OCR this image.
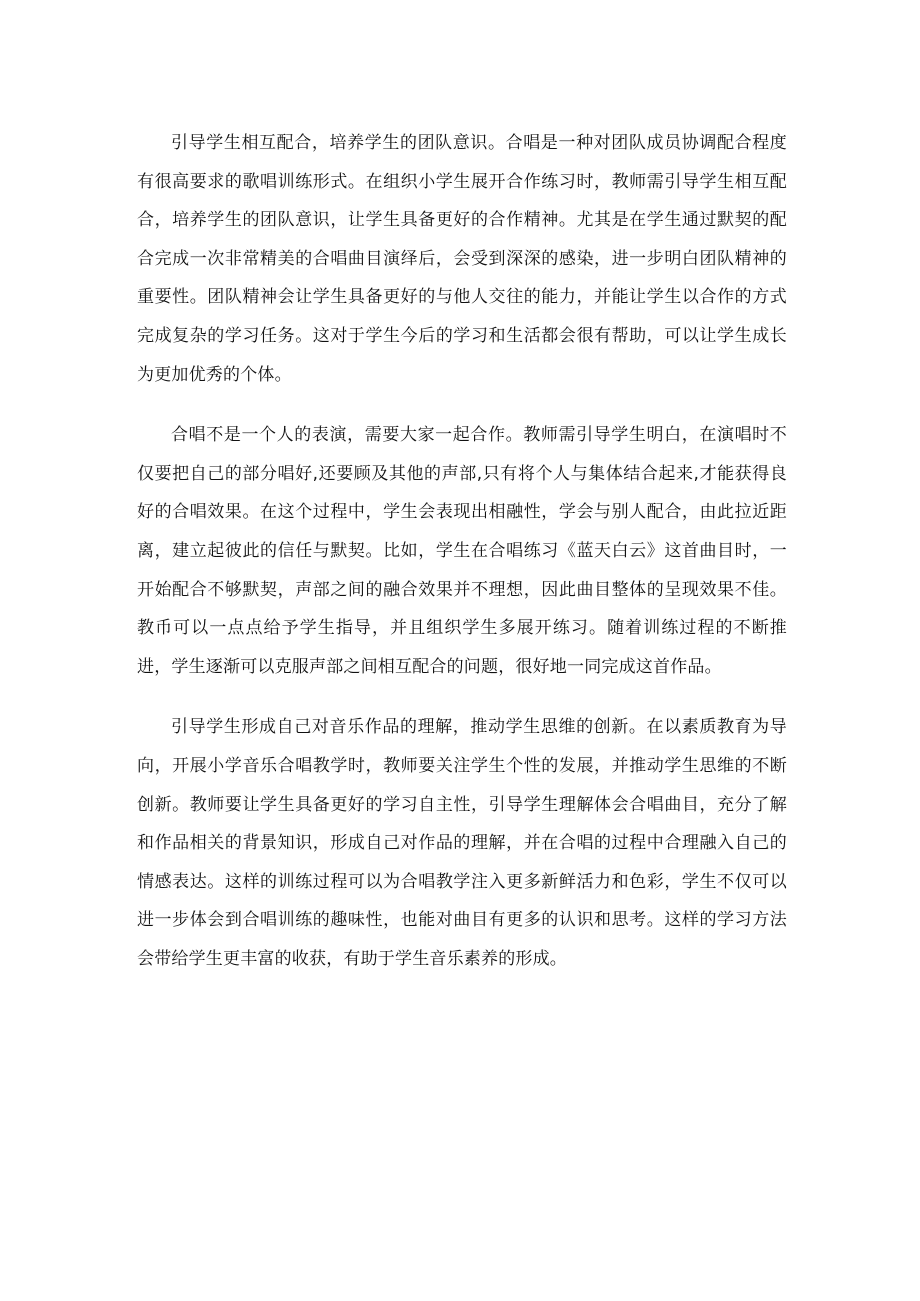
引导学生相互配合，培养学生的团队意识。合唱是一种对团队成员协调配合程度有很高要求的歌唱训练形式。在组织小学生展开合作练习时，教师需引导学生相互配合，培养学生的团队意识，让学生具备更好的合作精神。尤其是在学生通过默契的配合完成一次非常精美的合唱曲目演绎后，会受到深深的感染，进一步明白团队精神的重要性。团队精神会让学生具备更好的与他人交往的能力，并能让学生以合作的方式完成复杂的学习任务。这对于学生今后的学习和生活都会很有帮助，可以让学生成长为更加优秀的个体。

合唱不是一个人的表演，需要大家一起合作。教师需引导学生明白，在演唱时不仅要把自己的部分唱好,还要顾及其他的声部,只有将个人与集体结合起来,才能获得良好的合唱效果。在这个过程中，学生会表现出相融性，学会与别人配合，由此拉近距离，建立起彼此的信任与默契。比如，学生在合唱练习《蓝天白云》这首曲目时，一开始配合不够默契，声部之间的融合效果并不理想，因此曲目整体的呈现效果不佳。教币可以一点点给予学生指导，并且组织学生多展开练习。随着训练过程的不断推进，学生逐渐可以克服声部之间相互配合的问题，很好地一同完成这首作品。

引导学生形成自己对音乐作品的理解，推动学生思维的创新。在以素质教育为导向，开展小学音乐合唱教学时，教师要关注学生个性的发展，并推动学生思维的不断创新。教师要让学生具备更好的学习自主性，引导学生理解体会合唱曲目，充分了解和作品相关的背景知识，形成自己对作品的理解，并在合唱的过程中合理融入自己的情感表达。这样的训练过程可以为合唱教学注入更多新鲜活力和色彩，学生不仅可以进一步体会到合唱训练的趣味性，也能对曲目有更多的认识和思考。这样的学习方法会带给学生更丰富的收获，有助于学生音乐素养的形成。
